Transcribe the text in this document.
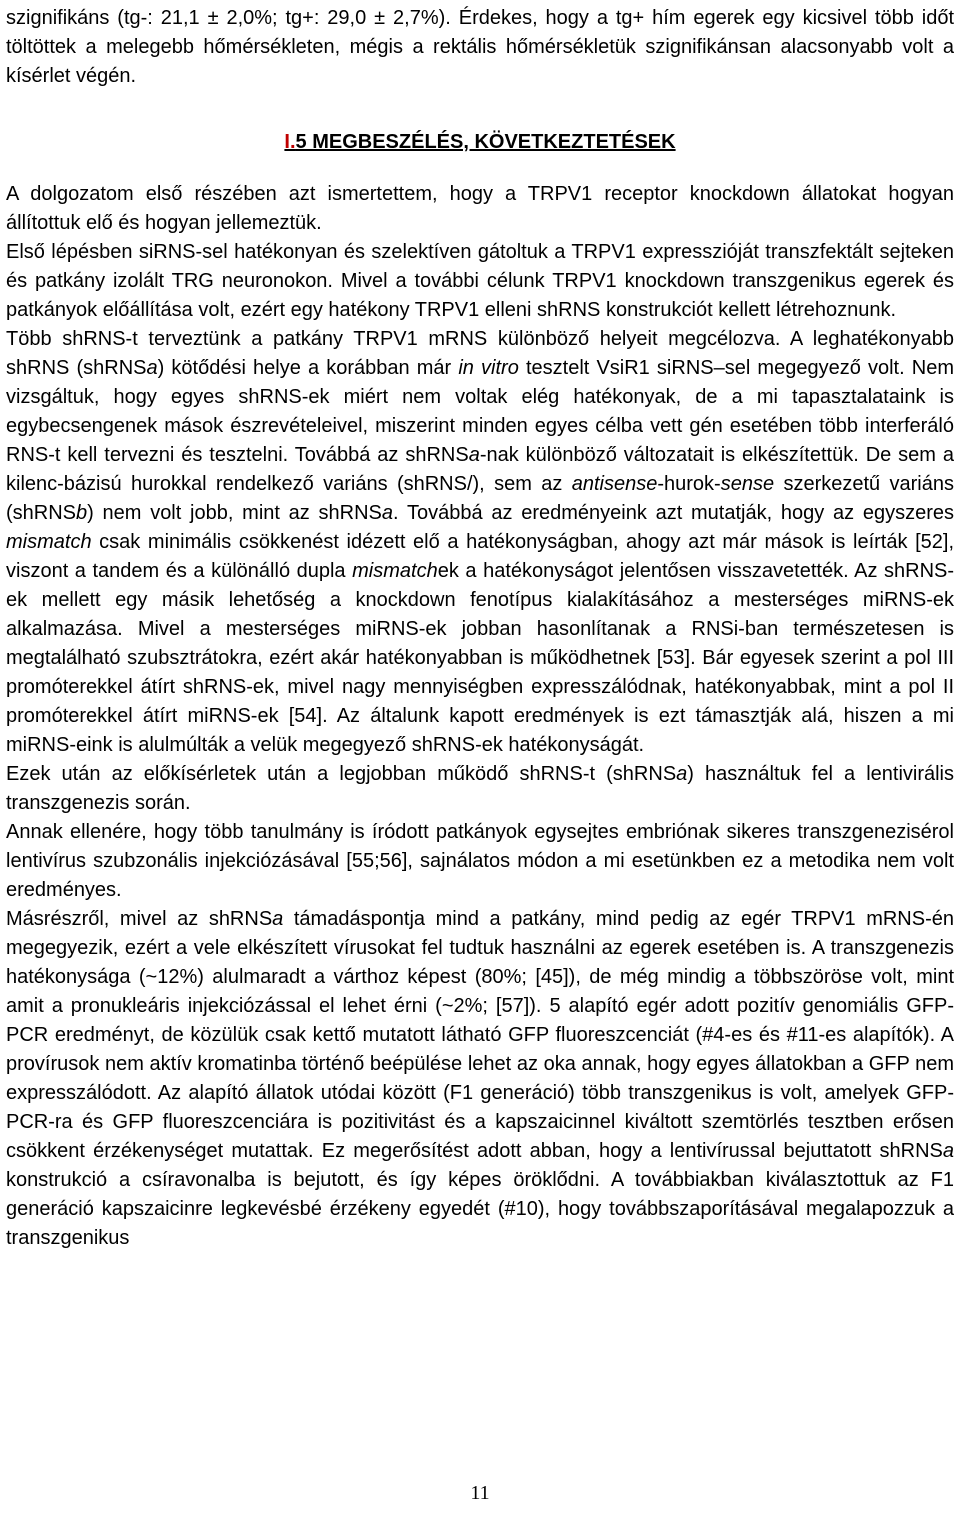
szignifikáns (tg-: 21,1 ± 2,0%; tg+: 29,0 ± 2,7%). Érdekes, hogy a tg+ hím egerek egy kicsivel több időt töltöttek a melegebb hőmérsékleten, mégis a rektális hőmérsékletük szignifikánsan alacsonyabb volt a kísérlet végén.

I.5 MEGBESZÉLÉS, KÖVETKEZTETÉSEK

A dolgozatom első részében azt ismertettem, hogy a TRPV1 receptor knockdown állatokat hogyan állítottuk elő és hogyan jellemeztük.

Első lépésben siRNS-sel hatékonyan és szelektíven gátoltuk a TRPV1 expresszióját transzfektált sejteken és patkány izolált TRG neuronokon. Mivel a további célunk TRPV1 knockdown transzgenikus egerek és patkányok előállítása volt, ezért egy hatékony TRPV1 elleni shRNS konstrukciót kellett létrehoznunk.

Több shRNS-t terveztünk a patkány TRPV1 mRNS különböző helyeit megcélozva. A leghatékonyabb shRNS (shRNSa) kötődési helye a korábban már in vitro tesztelt VsiR1 siRNS–sel megegyező volt. Nem vizsgáltuk, hogy egyes shRNS-ek miért nem voltak elég hatékonyak, de a mi tapasztalataink is egybecsengenek mások észrevételeivel, miszerint minden egyes célba vett gén esetében több interferáló RNS-t kell tervezni és tesztelni. Továbbá az shRNSa-nak különböző változatait is elkészítettük. De sem a kilenc-bázisú hurokkal rendelkező variáns (shRNS/), sem az antisense-hurok-sense szerkezetű variáns (shRNSb) nem volt jobb, mint az shRNSa. Továbbá az eredményeink azt mutatják, hogy az egyszeres mismatch csak minimális csökkenést idézett elő a hatékonyságban, ahogy azt már mások is leírták [52], viszont a tandem és a különálló dupla mismatchek a hatékonyságot jelentősen visszavetették. Az shRNS-ek mellett egy másik lehetőség a knockdown fenotípus kialakításához a mesterséges miRNS-ek alkalmazása. Mivel a mesterséges miRNS-ek jobban hasonlítanak a RNSi-ban természetesen is megtalálható szubsztrátokra, ezért akár hatékonyabban is működhetnek [53]. Bár egyesek szerint a pol III promóterekkel átírt shRNS-ek, mivel nagy mennyiségben expresszálódnak, hatékonyabbak, mint a pol II promóterekkel átírt miRNS-ek [54]. Az általunk kapott eredmények is ezt támasztják alá, hiszen a mi miRNS-eink is alulmúlták a velük megegyező shRNS-ek hatékonyságát.

Ezek után az előkísérletek után a legjobban működő shRNS-t (shRNSa) használtuk fel a lentivirális transzgenezis során.

Annak ellenére, hogy több tanulmány is íródott patkányok egysejtes embriónak sikeres transzgenezisérol lentivírus szubzonális injekciózásával [55;56], sajnálatos módon a mi esetünkben ez a metodika nem volt eredményes.

Másrészről, mivel az shRNSa támadáspontja mind a patkány, mind pedig az egér TRPV1 mRNS-én megegyezik, ezért a vele elkészített vírusokat fel tudtuk használni az egerek esetében is. A transzgenezis hatékonysága (~12%) alulmaradt a várthoz képest (80%; [45]), de még mindig a többszöröse volt, mint amit a pronukleáris injekciózással el lehet érni (~2%; [57]). 5 alapító egér adott pozitív genomiális GFP-PCR eredményt, de közülük csak kettő mutatott látható GFP fluoreszcenciát (#4-es és #11-es alapítók). A provírusok nem aktív kromatinba történő beépülése lehet az oka annak, hogy egyes állatokban a GFP nem expresszálódott. Az alapító állatok utódai között (F1 generáció) több transzgenikus is volt, amelyek GFP-PCR-ra és GFP fluoreszcenciára is pozitivitást és a kapszaicinnel kiváltott szemtörlés tesztben erősen csökkent érzékenységet mutattak. Ez megerősítést adott abban, hogy a lentivírussal bejuttatott shRNSa konstrukció a csíravonalba is bejutott, és így képes öröklődni. A továbbiakban kiválasztottuk az F1 generáció kapszaicinre legkevésbé érzékeny egyedét (#10), hogy továbbszaporításával megalapozzuk a transzgenikus

11
